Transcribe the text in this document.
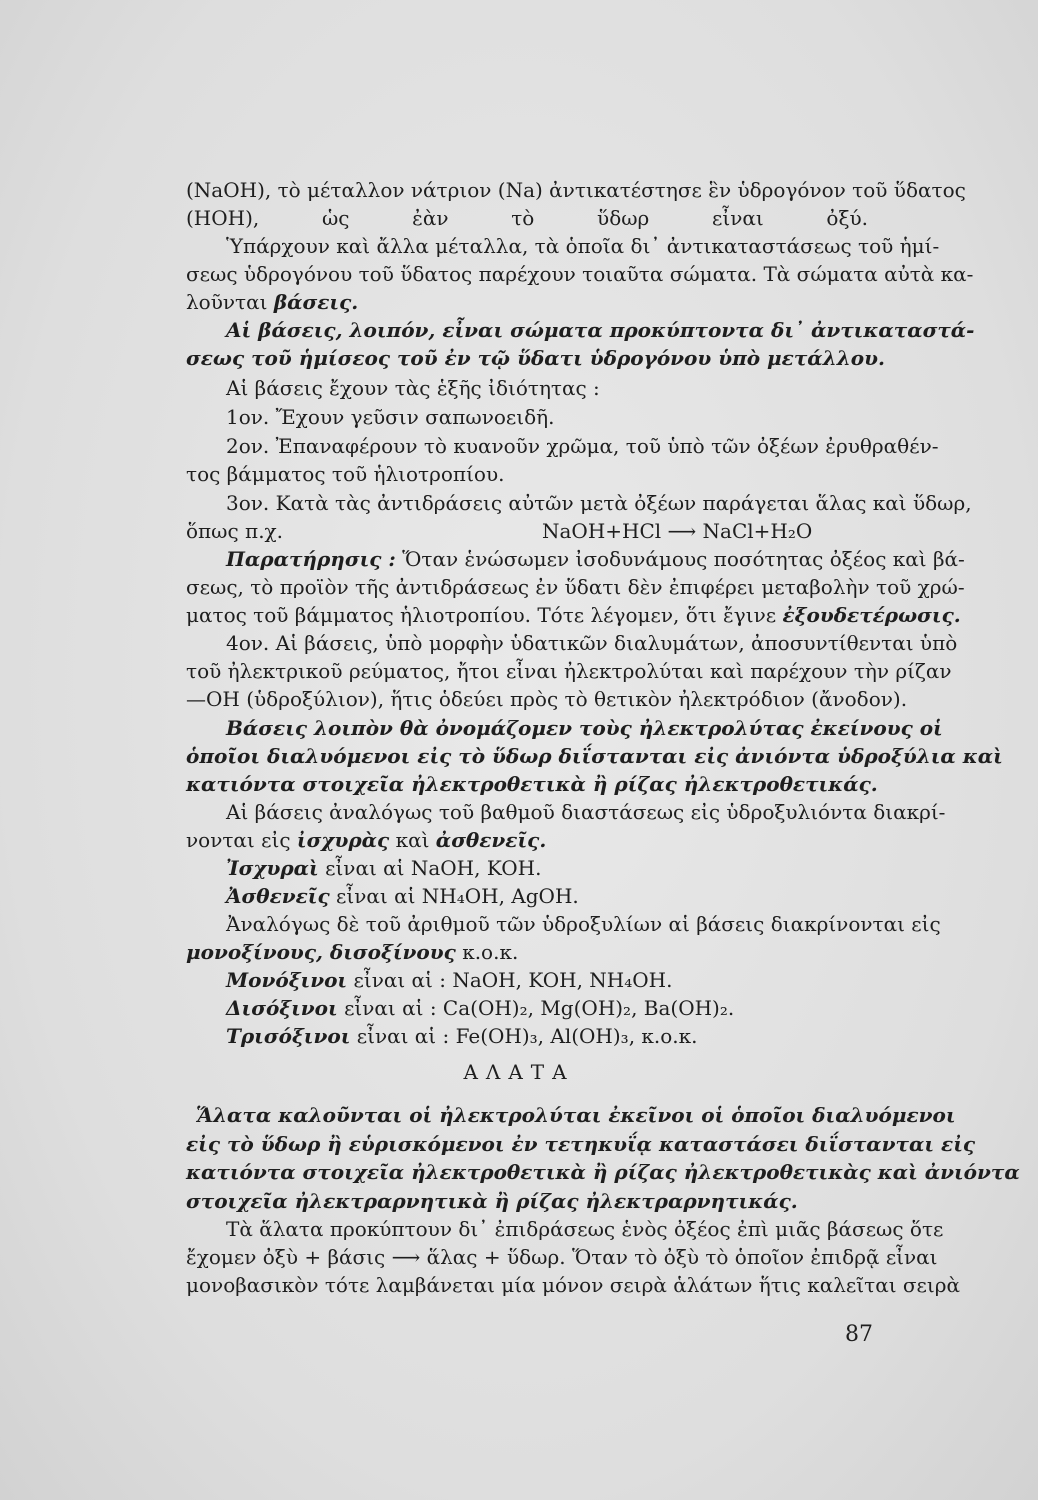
(NaOH), τὸ μέταλλον νάτριον (Na) ἀντικατέστησε ἓν ὑδρογόνον τοῦ ὕδατος
(HOH), ὡς ἐὰν τὸ ὕδωρ εἶναι ὀξύ.
Ὑπάρχουν καὶ ἄλλα μέταλλα, τὰ ὁποῖα δι᾽ ἀντικαταστάσεως τοῦ ἡμί-
σεως ὑδρογόνου τοῦ ὕδατος παρέχουν τοιαῦτα σώματα. Τὰ σώματα αὐτὰ κα-
λοῦνται βάσεις.
Αἱ βάσεις, λοιπόν, εἶναι σώματα προκύπτοντα δι᾽ ἀντικαταστά-
σεως τοῦ ἡμίσεος τοῦ ἐν τῷ ὕδατι ὑδρογόνου ὑπὸ μετάλλου.
Αἱ βάσεις ἔχουν τὰς ἑξῆς ἰδιότητας :
1ον. Ἔχουν γεῦσιν σαπωνοειδῆ.
2ον. Ἐπαναφέρουν τὸ κυανοῦν χρῶμα, τοῦ ὑπὸ τῶν ὀξέων ἐρυθραθέν-
τος βάμματος τοῦ ἡλιοτροπίου.
3ον. Κατὰ τὰς ἀντιδράσεις αὐτῶν μετὰ ὀξέων παράγεται ἅλας καὶ ὕδωρ,
ὅπως π.χ.	NaOH+HCl ⟶ NaCl+H₂O
Παρατήρησις : Ὅταν ἑνώσωμεν ἰσοδυνάμους ποσότητας ὀξέος καὶ βά-
σεως, τὸ προϊὸν τῆς ἀντιδράσεως ἐν ὕδατι δὲν ἐπιφέρει μεταβολὴν τοῦ χρώ-
ματος τοῦ βάμματος ἡλιοτροπίου. Τότε λέγομεν, ὅτι ἔγινε ἐξουδετέρωσις.
4ον. Αἱ βάσεις, ὑπὸ μορφὴν ὑδατικῶν διαλυμάτων, ἀποσυντίθενται ὑπὸ
τοῦ ἠλεκτρικοῦ ρεύματος, ἤτοι εἶναι ἠλεκτρολύται καὶ παρέχουν τὴν ρίζαν
—OH (ὑδροξύλιον), ἥτις ὁδεύει πρὸς τὸ θετικὸν ἠλεκτρόδιον (ἄνοδον).
Βάσεις λοιπὸν θὰ ὀνομάζομεν τοὺς ἠλεκτρολύτας ἐκείνους οἱ
ὁποῖοι διαλυόμενοι εἰς τὸ ὕδωρ διΐστανται εἰς ἀνιόντα ὑδροξύλια καὶ
κατιόντα στοιχεῖα ἠλεκτροθετικὰ ἢ ρίζας ἠλεκτροθετικάς.
Αἱ βάσεις ἀναλόγως τοῦ βαθμοῦ διαστάσεως εἰς ὑδροξυλιόντα διακρί-
νονται εἰς ἰσχυρὰς καὶ ἀσθενεῖς.
Ἰσχυραὶ εἶναι αἱ NaOH, KOH.
Ἀσθενεῖς εἶναι αἱ NH₄OH, AgOH.
Ἀναλόγως δὲ τοῦ ἀριθμοῦ τῶν ὑδροξυλίων αἱ βάσεις διακρίνονται εἰς
μονοξίνους, δισοξίνους κ.ο.κ.
Μονόξινοι εἶναι αἱ : NaOH, KOH, NH₄OH.
Δισόξινοι εἶναι αἱ : Ca(OH)₂, Mg(OH)₂, Ba(OH)₂.
Τρισόξινοι εἶναι αἱ : Fe(OH)₃, Al(OH)₃, κ.ο.κ.
ΑΛΑΤΑ
Ἅλατα καλοῦνται οἱ ἠλεκτρολύται ἐκεῖνοι οἱ ὁποῖοι διαλυόμενοι
εἰς τὸ ὕδωρ ἢ εὑρισκόμενοι ἐν τετηκυΐᾳ καταστάσει διΐστανται εἰς
κατιόντα στοιχεῖα ἠλεκτροθετικὰ ἢ ρίζας ἠλεκτροθετικὰς καὶ ἀνιόντα
στοιχεῖα ἠλεκτραρνητικὰ ἢ ρίζας ἠλεκτραρνητικάς.
Τὰ ἅλατα προκύπτουν δι᾽ ἐπιδράσεως ἑνὸς ὀξέος ἐπὶ μιᾶς βάσεως ὅτε
ἔχομεν ὀξὺ + βάσις ⟶ ἅλας + ὕδωρ. Ὅταν τὸ ὀξὺ τὸ ὁποῖον ἐπιδρᾷ εἶναι
μονοβασικὸν τότε λαμβάνεται μία μόνον σειρὰ ἁλάτων ἥτις καλεῖται σειρὰ
87
